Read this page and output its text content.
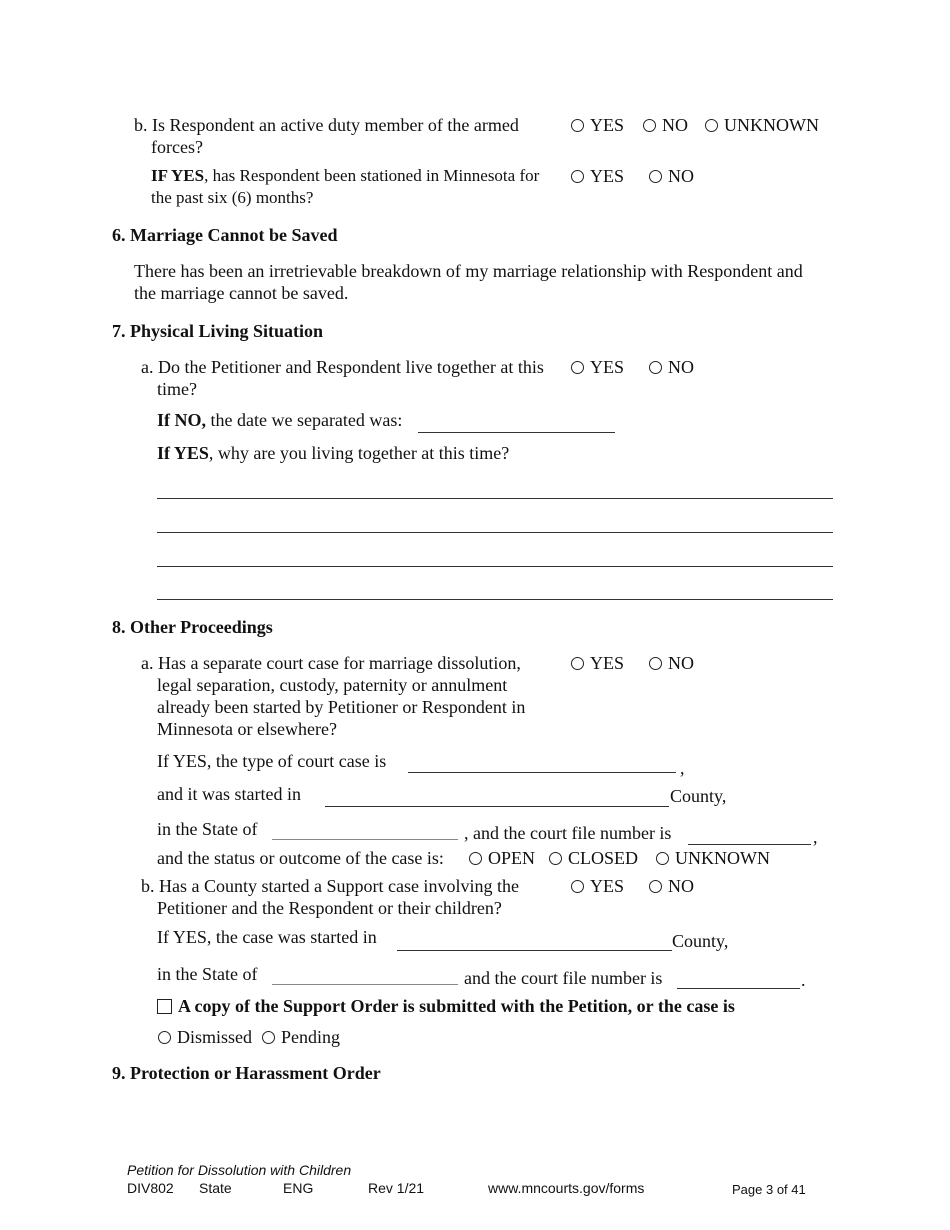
b. Is Respondent an active duty member of the armed
forces?
YES	NO	UNKNOWN
IF YES, has Respondent been stationed in Minnesota for
the past six (6) months?
YES	NO
6. Marriage Cannot be Saved
There has been an irretrievable breakdown of my marriage relationship with Respondent and
the marriage cannot be saved.
7. Physical Living Situation
a. Do the Petitioner and Respondent live together at this
time?
YES	NO
If NO, the date we separated was:
If YES, why are you living together at this time?
8. Other Proceedings
a. Has a separate court case for marriage dissolution,
legal separation, custody, paternity or annulment
already been started by Petitioner or Respondent in
Minnesota or elsewhere?
YES	NO
If YES, the type of court case is	,
and it was started in	County,
in the State of	, and the court file number is	,
and the status or outcome of the case is:	OPEN	CLOSED	UNKNOWN
b. Has a County started a Support case involving the
Petitioner and the Respondent or their children?
YES	NO
If YES, the case was started in	County,
in the State of	and the court file number is	.
A copy of the Support Order is submitted with the Petition, or the case is
Dismissed	Pending
9. Protection or Harassment Order
Petition for Dissolution with Children
DIV802 State	ENG	Rev 1/21	www.mncourts.gov/forms	Page 3 of 41
